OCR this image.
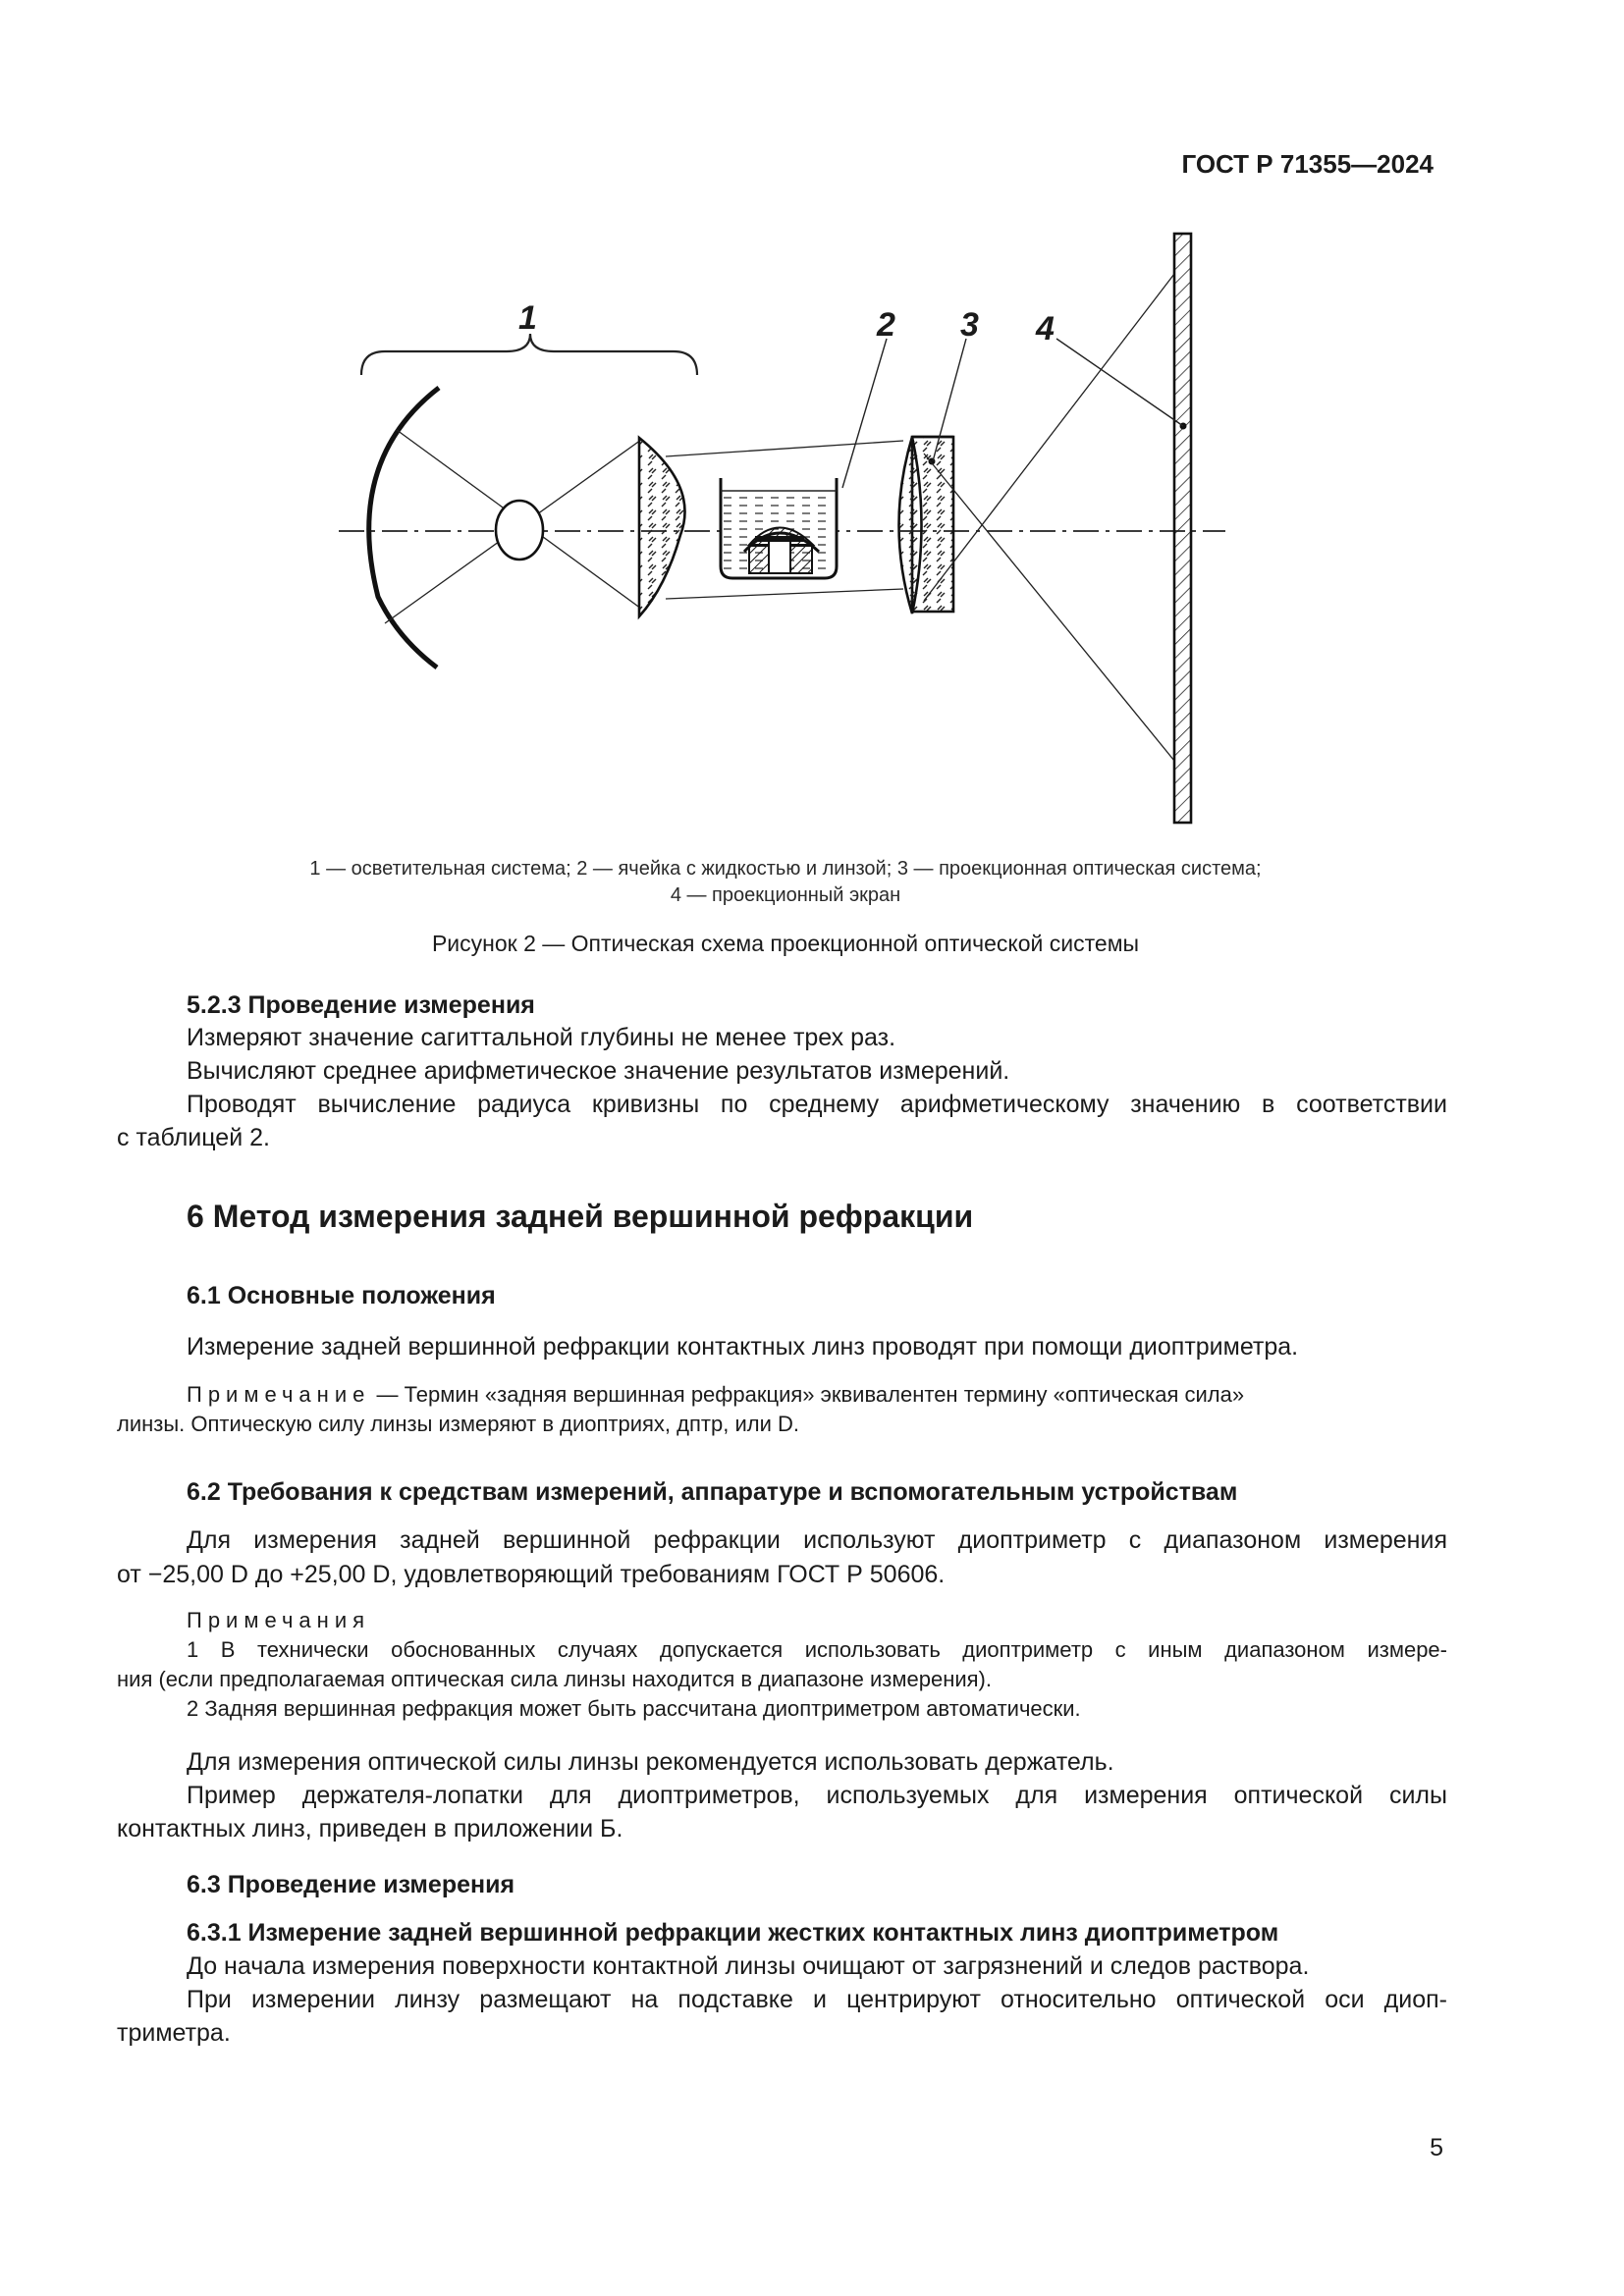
ГОСТ Р 71355—2024
1	2 3 4
1 — осветительная система; 2 — ячейка с жидкостью и линзой; 3 — проекционная оптическая система;
4 — проекционный экран
Рисунок 2 — Оптическая схема проекционной оптической системы
5.2.3 Проведение измерения
Измеряют значение сагиттальной глубины не менее трех раз.
Вычисляют среднее арифметическое значение результатов измерений.
Проводят вычисление радиуса кривизны по среднему арифметическому значению в соответствии
с таблицей 2.
6 Метод измерения задней вершинной рефракции
6.1 Основные положения
Измерение задней вершинной рефракции контактных линз проводят при помощи диоптриметра.
Примечание — Термин «задняя вершинная рефракция» эквивалентен термину «оптическая сила»
линзы. Оптическую силу линзы измеряют в диоптриях, дптр, или D.
6.2 Требования к средствам измерений, аппаратуре и вспомогательным устройствам
Для измерения задней вершинной рефракции используют диоптриметр с диапазоном измерения
от −25,00 D до +25,00 D, удовлетворяющий требованиям ГОСТ Р 50606.
Примечания
1 В технически обоснованных случаях допускается использовать диоптриметр с иным диапазоном измере-
ния (если предполагаемая оптическая сила линзы находится в диапазоне измерения).
2 Задняя вершинная рефракция может быть рассчитана диоптриметром автоматически.
Для измерения оптической силы линзы рекомендуется использовать держатель.
Пример держателя-лопатки для диоптриметров, используемых для измерения оптической силы
контактных линз, приведен в приложении Б.
6.3 Проведение измерения
6.3.1 Измерение задней вершинной рефракции жестких контактных линз диоптриметром
До начала измерения поверхности контактной линзы очищают от загрязнений и следов раствора.
При измерении линзу размещают на подставке и центрируют относительно оптической оси диоп-
триметра.
5
